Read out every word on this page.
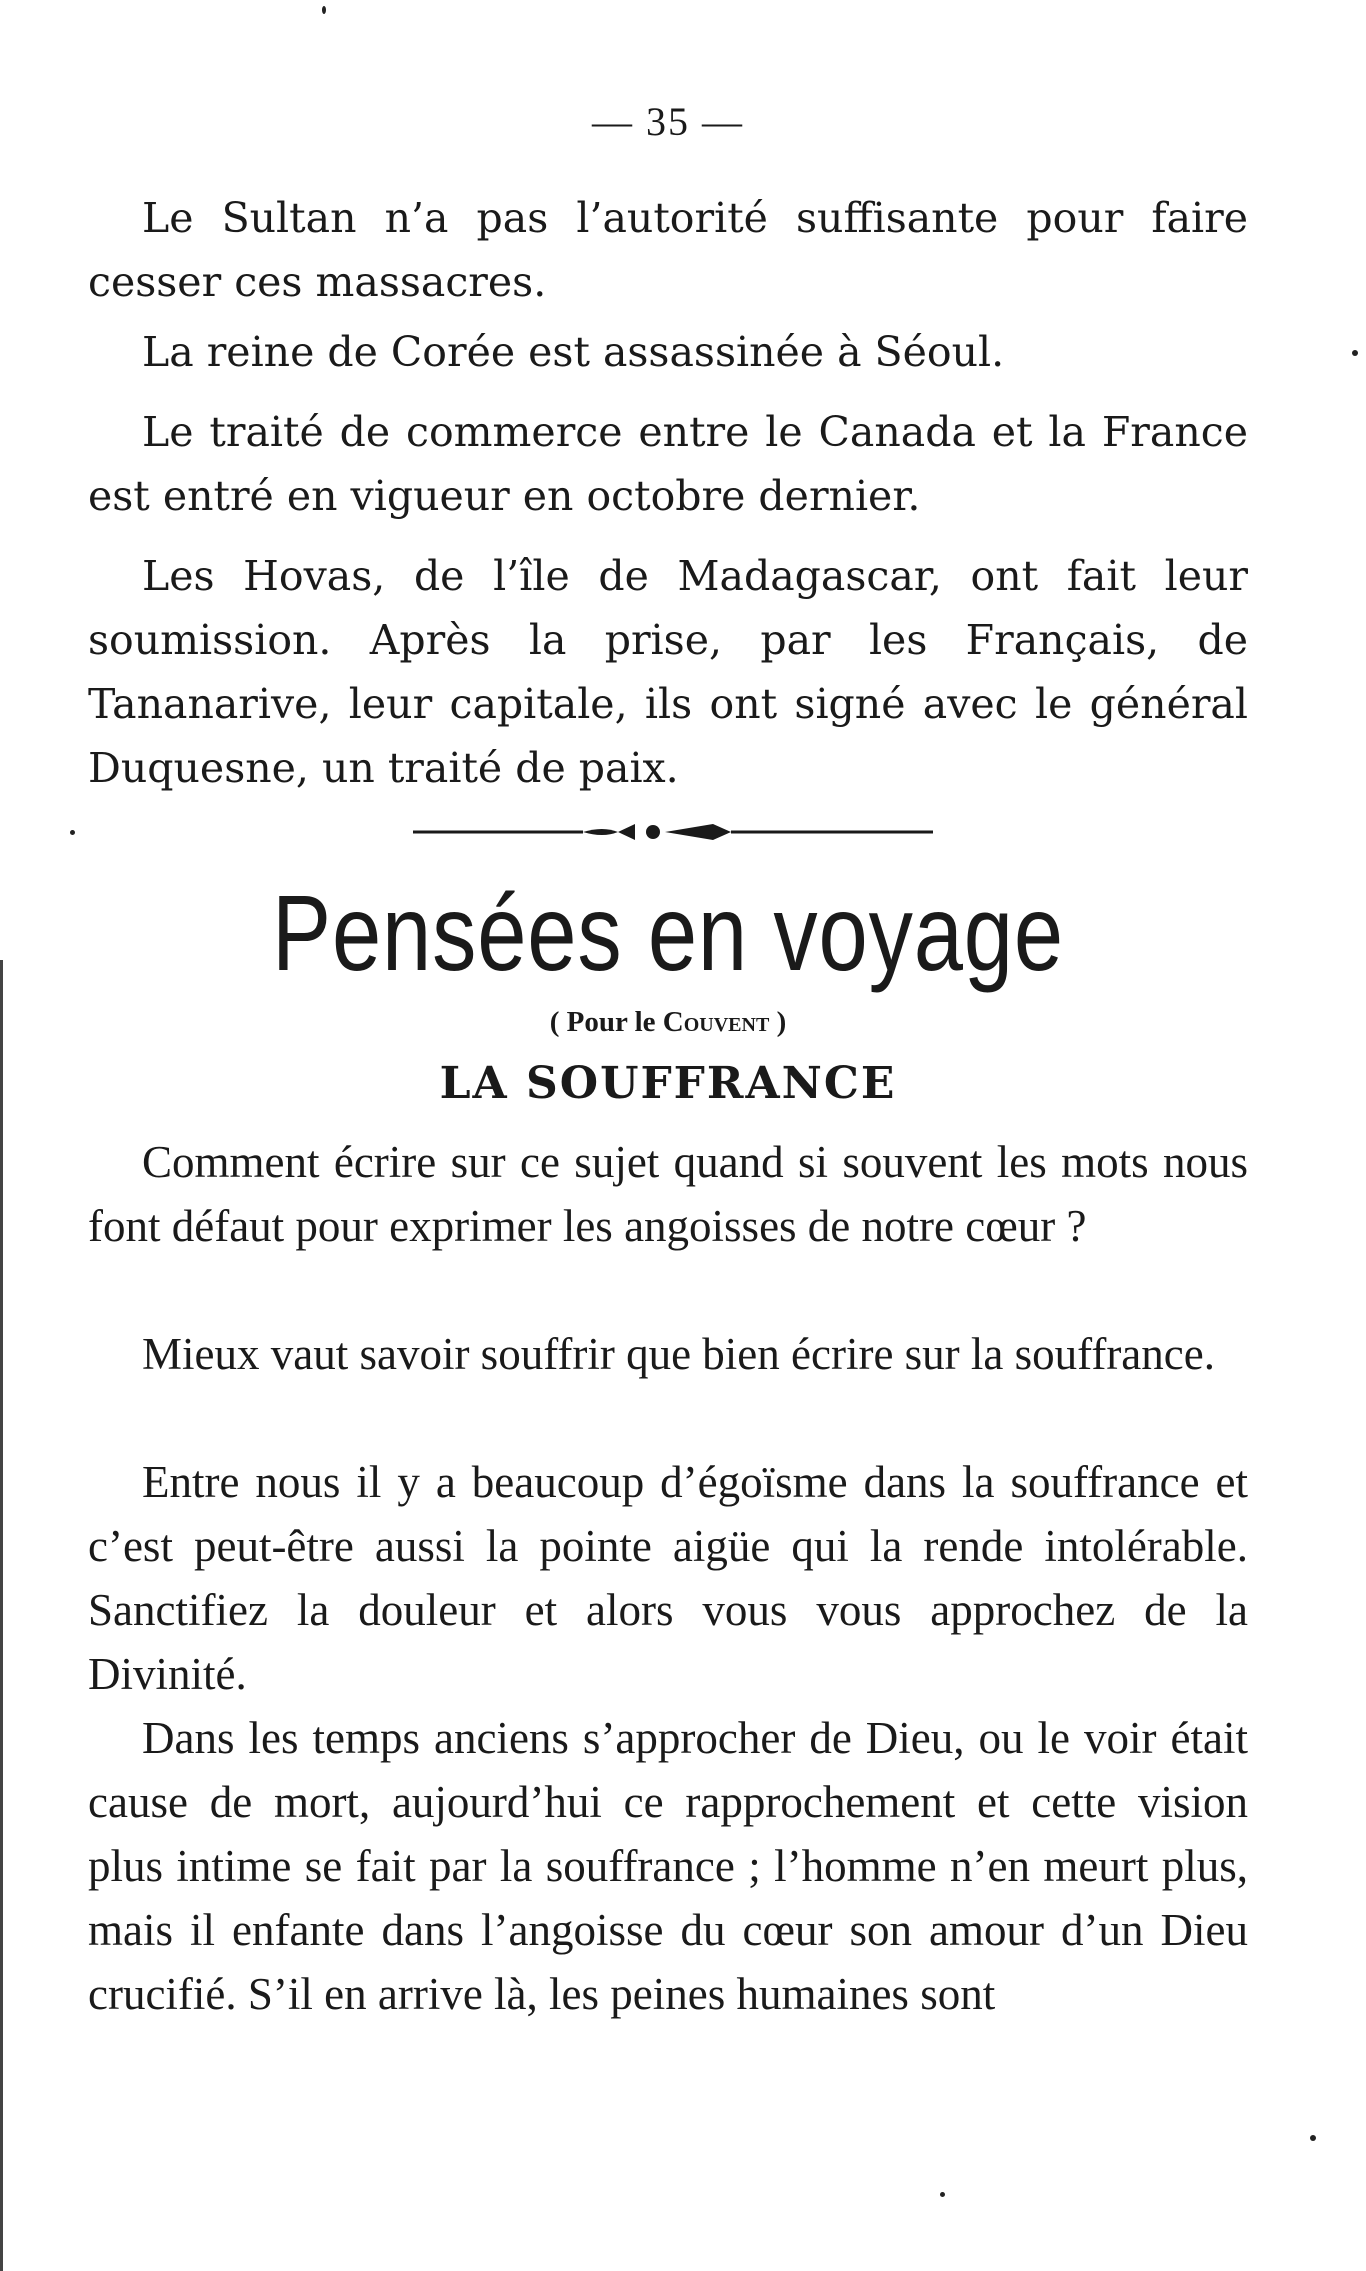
— 35 —

Le Sultan n’a pas l’autorité suffisante pour faire cesser ces massacres.

La reine de Corée est assassinée à Séoul.

Le traité de commerce entre le Canada et la France est entré en vigueur en octobre dernier.

Les Hovas, de l’île de Madagascar, ont fait leur soumission. Après la prise, par les Français, de Tananarive, leur capitale, ils ont signé avec le général Duquesne, un traité de paix.

Pensées en voyage
( Pour le Couvent )
LA SOUFFRANCE

Comment écrire sur ce sujet quand si souvent les mots nous font défaut pour exprimer les angoisses de notre cœur ?

Mieux vaut savoir souffrir que bien écrire sur la souffrance.

Entre nous il y a beaucoup d’égoïsme dans la souffrance et c’est peut-être aussi la pointe aigüe qui la rende intolérable. Sanctifiez la douleur et alors vous vous approchez de la Divinité.

Dans les temps anciens s’approcher de Dieu, ou le voir était cause de mort, aujourd’hui ce rapprochement et cette vision plus intime se fait par la souffrance ; l’homme n’en meurt plus, mais il enfante dans l’angoisse du cœur son amour d’un Dieu crucifié. S’il en arrive là, les peines humaines sont
